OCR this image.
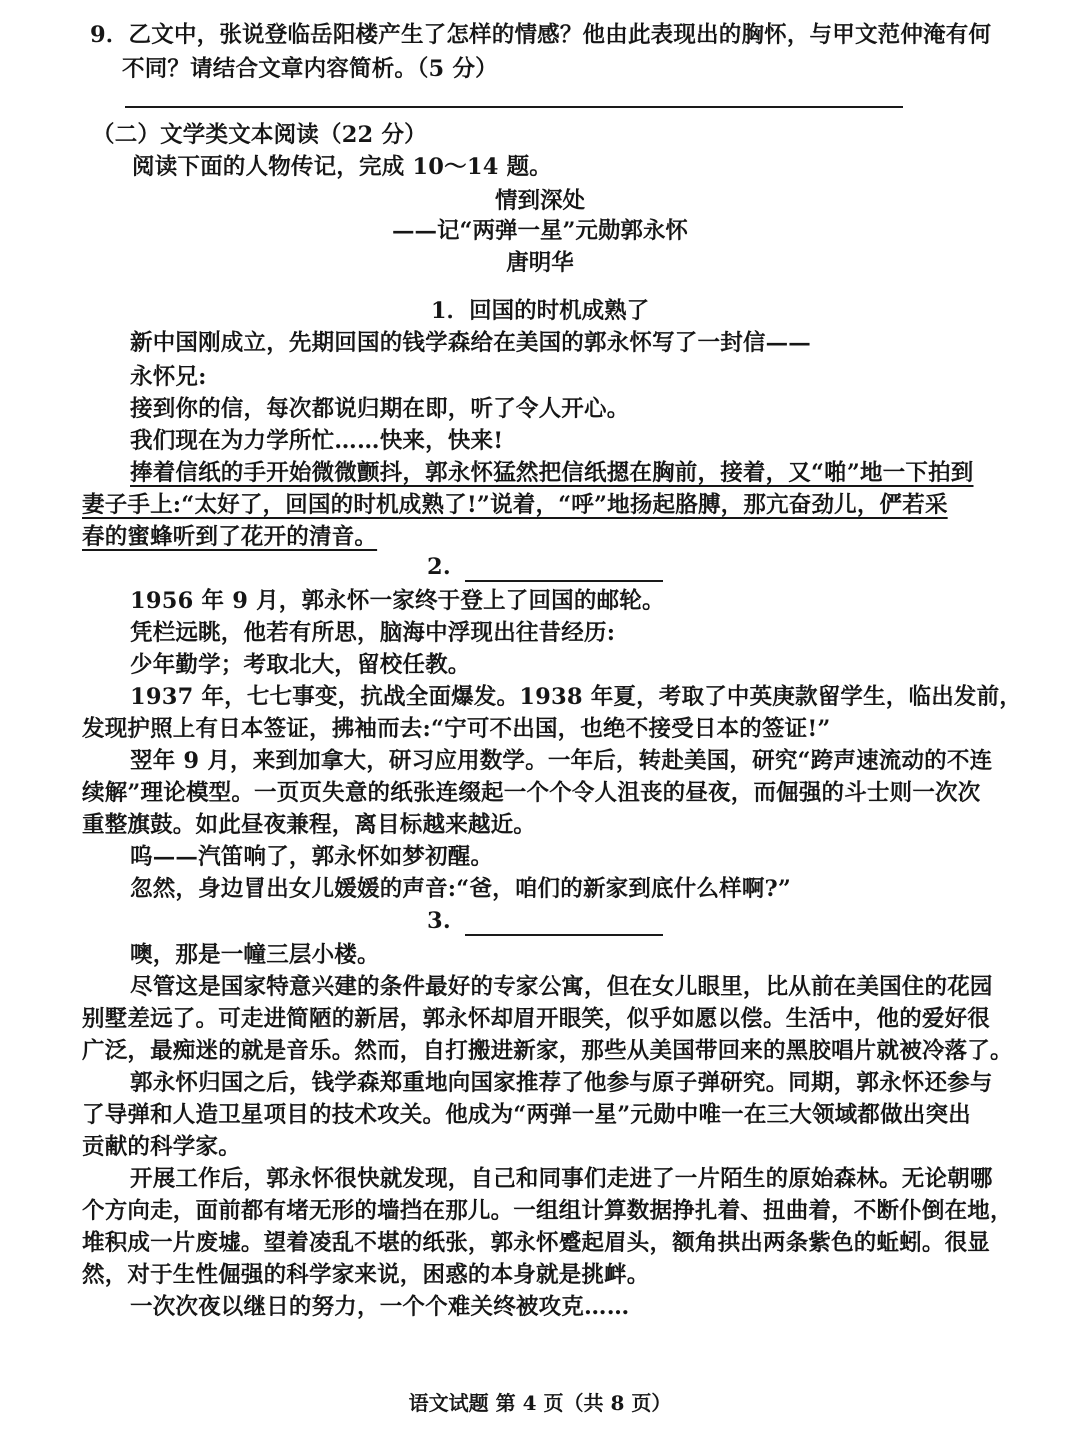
9．乙文中，张说登临岳阳楼产生了怎样的情感？他由此表现出的胸怀，与甲文范仲淹有何
不同？请结合文章内容简析。（5 分）
（二）文学类文本阅读（22 分）
阅读下面的人物传记，完成 10～14 题。
情到深处
——记“两弹一星”元勋郭永怀
唐明华
1．回国的时机成熟了
新中国刚成立，先期回国的钱学森给在美国的郭永怀写了一封信——
永怀兄:
接到你的信，每次都说归期在即，听了令人开心。
我们现在为力学所忙……快来，快来!
捧着信纸的手开始微微颤抖，郭永怀猛然把信纸摁在胸前，接着，又“啪”地一下拍到
妻子手上:“太好了，回国的时机成熟了!”说着，“呼”地扬起胳膊，那亢奋劲儿，俨若采
春的蜜蜂听到了花开的清音。
2.
1956 年 9 月，郭永怀一家终于登上了回国的邮轮。
凭栏远眺，他若有所思，脑海中浮现出往昔经历:
少年勤学；考取北大，留校任教。
1937 年，七七事变，抗战全面爆发。1938 年夏，考取了中英庚款留学生，临出发前，
发现护照上有日本签证，拂袖而去:“宁可不出国，也绝不接受日本的签证!”
翌年 9 月，来到加拿大，研习应用数学。一年后，转赴美国，研究“跨声速流动的不连
续解”理论模型。一页页失意的纸张连缀起一个个令人沮丧的昼夜，而倔强的斗士则一次次
重整旗鼓。如此昼夜兼程，离目标越来越近。
呜——汽笛响了，郭永怀如梦初醒。
忽然，身边冒出女儿媛媛的声音:“爸，咱们的新家到底什么样啊?”
3.
噢，那是一幢三层小楼。
尽管这是国家特意兴建的条件最好的专家公寓，但在女儿眼里，比从前在美国住的花园
别墅差远了。可走进简陋的新居，郭永怀却眉开眼笑，似乎如愿以偿。生活中，他的爱好很
广泛，最痴迷的就是音乐。然而，自打搬进新家，那些从美国带回来的黑胶唱片就被冷落了。
郭永怀归国之后，钱学森郑重地向国家推荐了他参与原子弹研究。同期，郭永怀还参与
了导弹和人造卫星项目的技术攻关。他成为“两弹一星”元勋中唯一在三大领域都做出突出
贡献的科学家。
开展工作后，郭永怀很快就发现，自己和同事们走进了一片陌生的原始森林。无论朝哪
个方向走，面前都有堵无形的墙挡在那儿。一组组计算数据挣扎着、扭曲着，不断仆倒在地，
堆积成一片废墟。望着凌乱不堪的纸张，郭永怀蹙起眉头，额角拱出两条紫色的蚯蚓。很显
然，对于生性倔强的科学家来说，困惑的本身就是挑衅。
一次次夜以继日的努力，一个个难关终被攻克……
语文试题 第 4 页（共 8 页）
